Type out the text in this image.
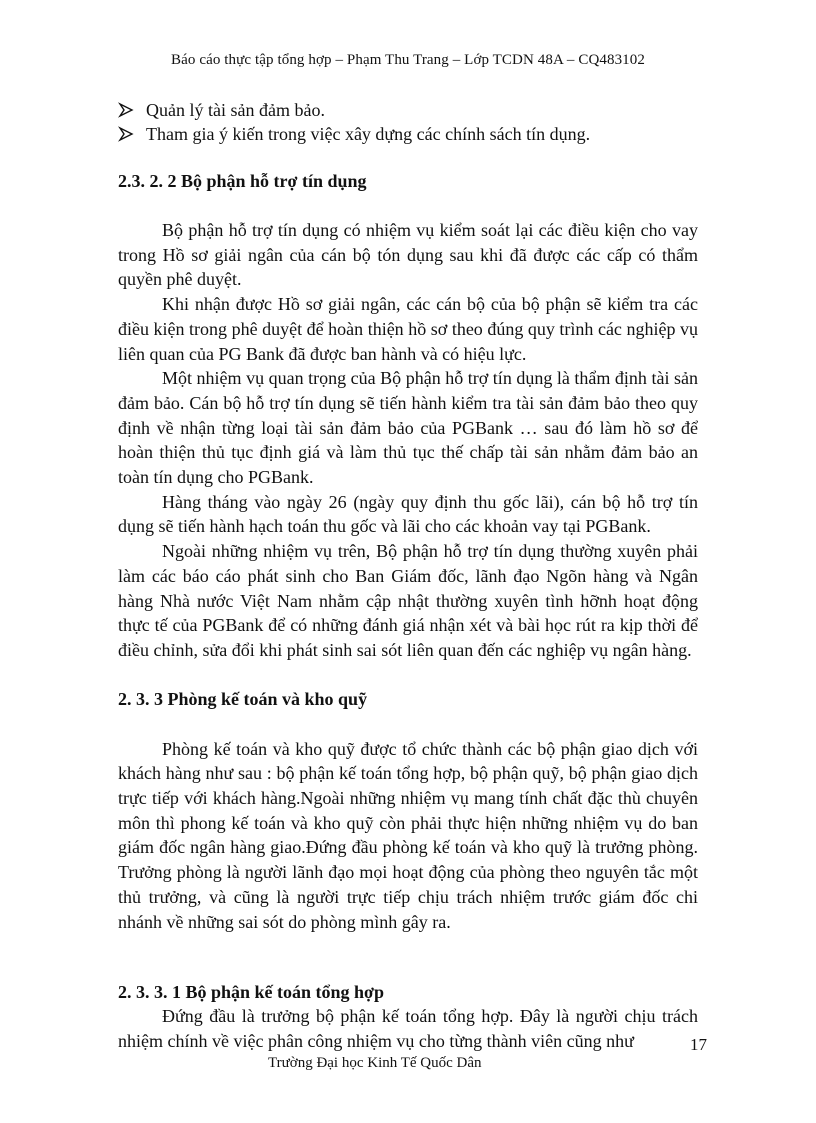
Báo cáo thực tập tổng hợp – Phạm Thu Trang – Lớp TCDN 48A – CQ483102
Quản lý tài sản đảm bảo.
Tham gia ý kiến trong việc xây dựng các chính sách tín dụng.
2.3. 2. 2 Bộ phận hỗ trợ tín dụng

Bộ phận hỗ trợ tín dụng có nhiệm vụ kiểm soát lại các điều kiện cho vay trong Hồ sơ giải ngân của cán bộ tón dụng sau khi đã được các cấp có thẩm quyền phê duyệt.

Khi nhận được Hồ sơ giải ngân, các cán bộ của bộ phận sẽ kiểm tra các điều kiện trong phê duyệt để hoàn thiện hồ sơ theo đúng quy trình các nghiệp vụ liên quan của PG Bank đã được ban hành và có hiệu lực.

Một nhiệm vụ quan trọng của Bộ phận hỗ trợ tín dụng là thẩm định tài sản đảm bảo. Cán bộ hỗ trợ tín dụng sẽ tiến hành kiểm tra tài sản đảm bảo theo quy định về nhận từng loại tài sản đảm bảo của PGBank … sau đó làm hồ sơ để hoàn thiện thủ tục định giá và làm thủ tục thế chấp tài sản nhằm đảm bảo an toàn tín dụng cho PGBank.

Hàng tháng vào ngày 26 (ngày quy định thu gốc lãi), cán bộ hỗ trợ tín dụng sẽ tiến hành hạch toán thu gốc và lãi cho các khoản vay tại PGBank.

Ngoài những nhiệm vụ trên, Bộ phận hỗ trợ tín dụng thường xuyên phải làm các báo cáo phát sinh cho Ban Giám đốc, lãnh đạo Ngõn hàng và Ngân hàng Nhà nước Việt Nam nhằm cập nhật thường xuyên tình hỡnh hoạt động thực tế của PGBank để có những đánh giá nhận xét và bài học rút ra kịp thời để điều chỉnh, sửa đổi khi phát sinh sai sót liên quan đến các nghiệp vụ ngân hàng.

2. 3. 3 Phòng kế toán và kho quỹ

Phòng kế toán và kho quỹ được tổ chức thành các bộ phận giao dịch với khách hàng như sau : bộ phận kế toán tổng hợp, bộ phận quỹ, bộ phận giao dịch trực tiếp với khách hàng.Ngoài những nhiệm vụ mang tính chất đặc thù chuyên môn thì phong kế toán và kho quỹ còn phải thực hiện những nhiệm vụ do ban giám đốc ngân hàng giao.Đứng đầu phòng kế toán và kho quỹ là trưởng phòng. Trưởng phòng là người lãnh đạo mọi hoạt động của phòng theo nguyên tắc một thủ trưởng, và cũng là người trực tiếp chịu trách nhiệm trước giám đốc chi nhánh về những sai sót do phòng mình gây ra.

2. 3. 3. 1 Bộ phận kế toán tổng hợp

Đứng đầu là trưởng bộ phận kế toán tổng hợp. Đây là người chịu trách nhiệm chính về việc phân công nhiệm vụ cho từng thành viên cũng như	17
Trường Đại học Kinh Tế Quốc Dân
